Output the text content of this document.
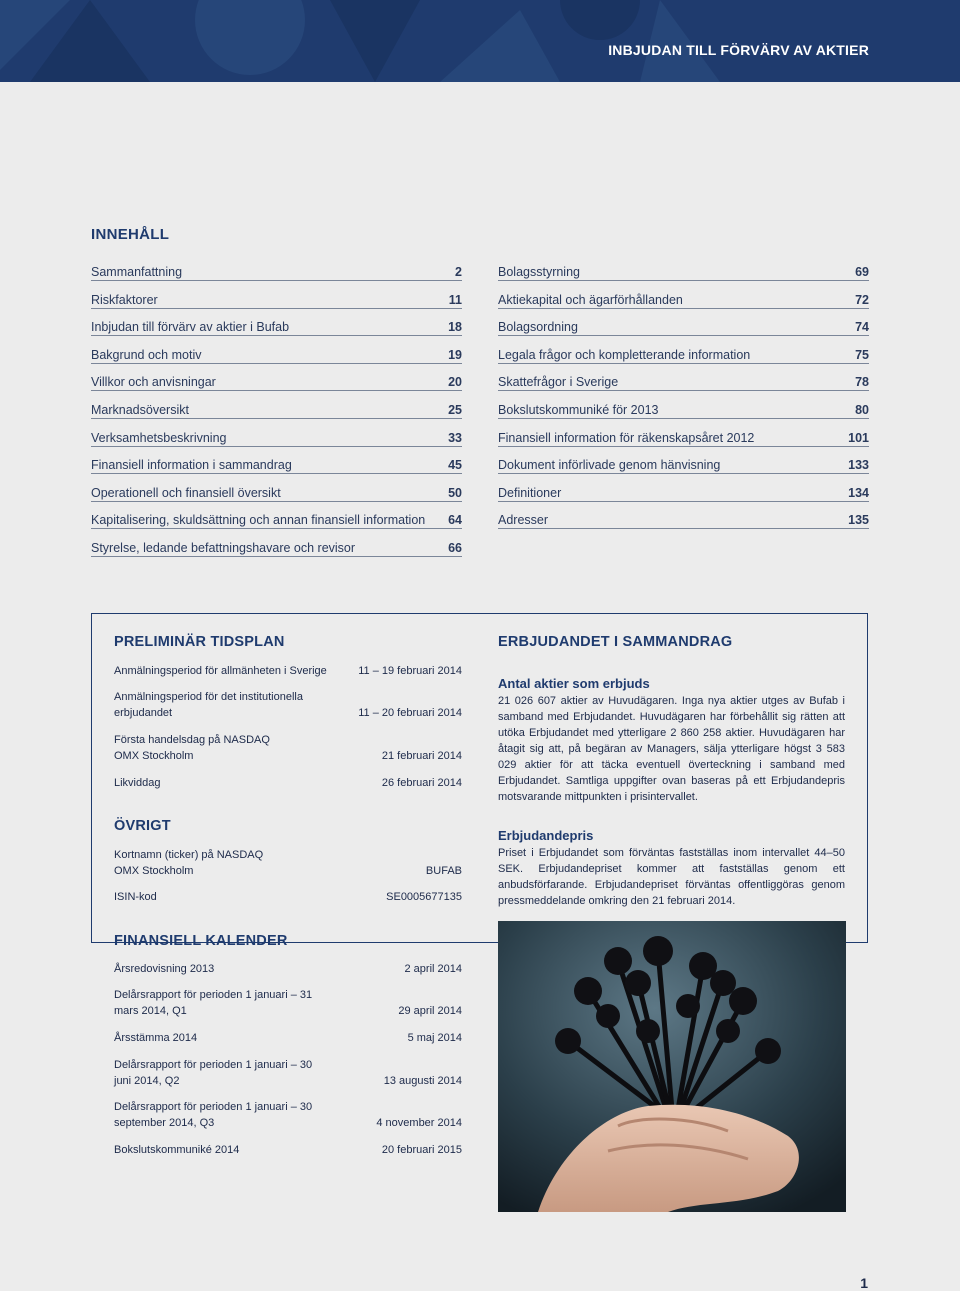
INBJUDAN TILL FÖRVÄRV AV AKTIER
INNEHÅLL
Sammanfattning	2
Riskfaktorer	11
Inbjudan till förvärv av aktier i Bufab	18
Bakgrund och motiv	19
Villkor och anvisningar	20
Marknadsöversikt	25
Verksamhetsbeskrivning	33
Finansiell information i sammandrag	45
Operationell och finansiell översikt	50
Kapitalisering, skuldsättning och annan finansiell information 64
Styrelse, ledande befattningshavare och revisor	66
Bolagsstyrning	69
Aktiekapital och ägarförhållanden	72
Bolagsordning	74
Legala frågor och kompletterande information	75
Skattefrågor i Sverige	78
Bokslutskommuniké för 2013	80
Finansiell information för räkenskapsåret 2012	101
Dokument införlivade genom hänvisning	133
Definitioner	134
Adresser	135
PRELIMINÄR TIDSPLAN
Anmälningsperiod för allmänheten i Sverige	11 – 19 februari 2014
Anmälningsperiod för det institutionella erbjudandet	11 – 20 februari 2014
Första handelsdag på NASDAQ OMX Stockholm	21 februari 2014
Likviddag	26 februari 2014
ÖVRIGT
Kortnamn (ticker) på NASDAQ OMX Stockholm	BUFAB
ISIN-kod	SE0005677135
ERBJUDANDET I SAMMANDRAG
Antal aktier som erbjuds
21 026 607 aktier av Huvudägaren. Inga nya aktier utges av Bufab i samband med Erbjudandet. Huvudägaren har förbehållit sig rätten att utöka Erbjudandet med ytterligare 2 860 258 aktier. Huvudägaren har åtagit sig att, på begäran av Managers, sälja ytterligare högst 3 583 029 aktier för att täcka eventuell överteckning i samband med Erbjudandet. Samtliga uppgifter ovan baseras på ett Erbjudandepris motsvarande mittpunkten i prisintervallet.
Erbjudandepris
Priset i Erbjudandet som förväntas fastställas inom intervallet 44–50 SEK. Erbjudandepriset kommer att fastställas genom ett anbudsförfarande. Erbjudandepriset förväntas offentliggöras genom pressmeddelande omkring den 21 februari 2014.
FINANSIELL KALENDER
Årsredovisning 2013	2 april 2014
Delårsrapport för perioden 1 januari – 31 mars 2014, Q1	29 april 2014
Årsstämma 2014	5 maj 2014
Delårsrapport för perioden 1 januari – 30 juni 2014, Q2	13 augusti 2014
Delårsrapport för perioden 1 januari – 30 september 2014, Q3	4 november 2014
Bokslutskommuniké 2014	20 februari 2015
1
